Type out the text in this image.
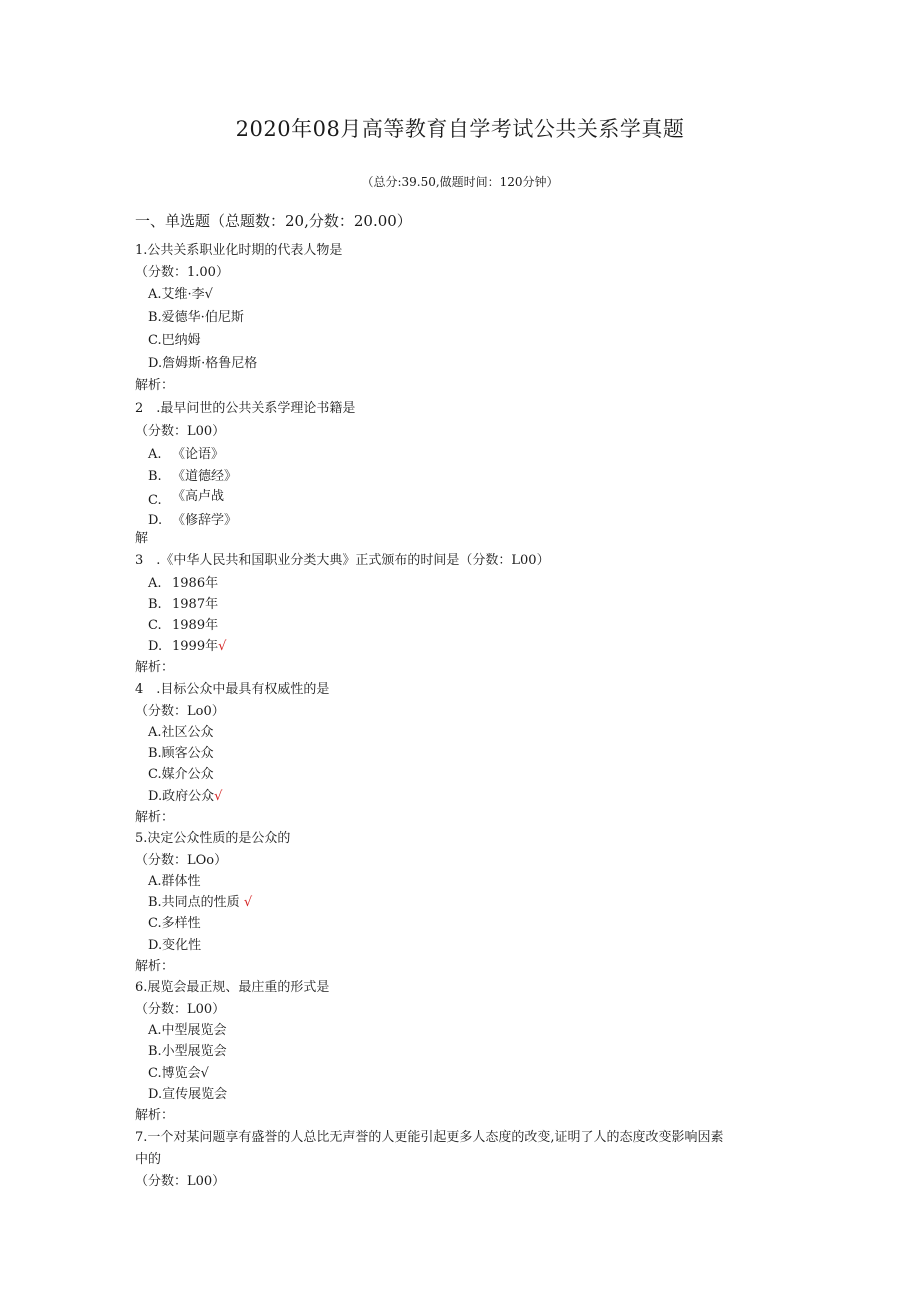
2020年08月高等教育自学考试公共关系学真题
（总分:39.50,做题时间：120分钟）
一、单选题（总题数：20,分数：20.00）
1.公共关系职业化时期的代表人物是
（分数：1.00）
A.艾维·李√
B.爱德华·伯尼斯
C.巴纳姆
D.詹姆斯·格鲁尼格
解析：
2　.最早问世的公共关系学理论书籍是
（分数：L00）
A. 《论语》
B. 《道德经》
C. 《高卢战
D. 《修辞学》
解
3　.《中华人民共和国职业分类大典》正式颁布的时间是（分数：L00）
A. 1986年
B. 1987年
C. 1989年
D. 1999年√
解析：
4　.目标公众中最具有权威性的是
（分数：Lo0）
A.社区公众
B.顾客公众
C.媒介公众
D.政府公众√
解析：
5.决定公众性质的是公众的
（分数：LOo）
A.群体性
B.共同点的性质 √
C.多样性
D.变化性
解析：
6.展览会最正规、最庄重的形式是
（分数：L00）
A.中型展览会
B.小型展览会
C.博览会√
D.宣传展览会
解析：
7.一个对某问题享有盛誉的人总比无声誉的人更能引起更多人态度的改变,证明了人的态度改变影响因素
中的
（分数：L00）
